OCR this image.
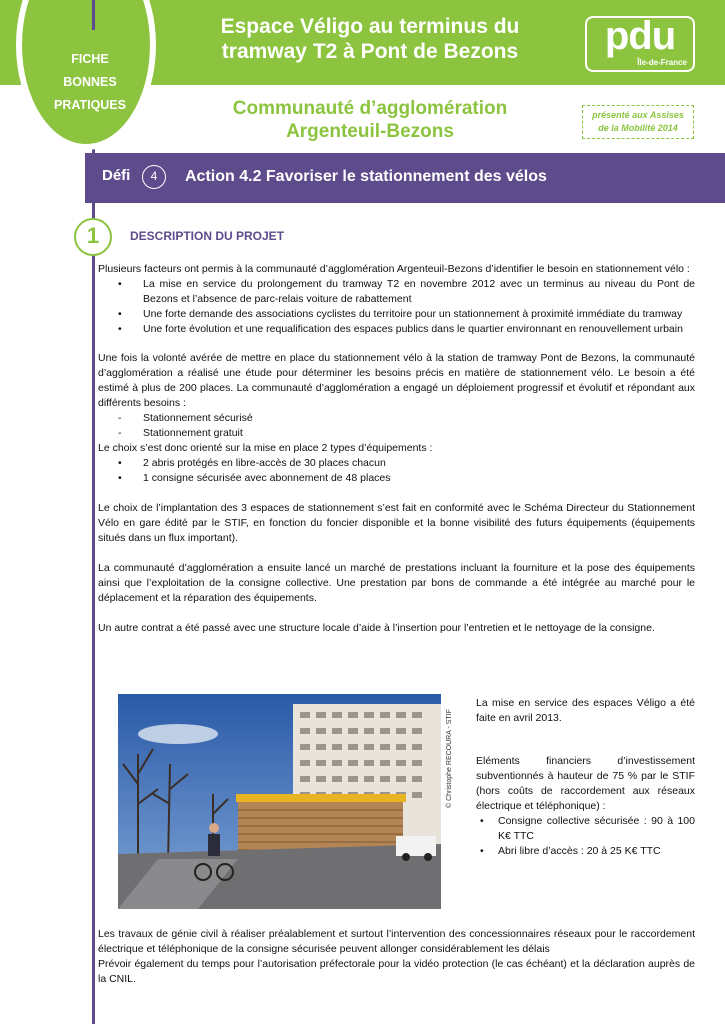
FICHE
BONNES
PRATIQUES
Espace Véligo au terminus du
tramway T2 à Pont de Bezons	pdu
Île-de-France
Communauté d’agglomération
Argenteuil-Bezons
présenté aux Assises
de la Mobilité 2014
Défi	4	Action 4.2 Favoriser le stationnement des vélos
1	DESCRIPTION DU PROJET
Plusieurs facteurs ont permis à la communauté d’agglomération Argenteuil-Bezons d’identifier le besoin en stationnement vélo :
• La mise en service du prolongement du tramway T2 en novembre 2012 avec un terminus au niveau du Pont de Bezons et l’absence de parc-relais voiture de rabattement
• Une forte demande des associations cyclistes du territoire pour un stationnement à proximité immédiate du tramway
• Une forte évolution et une requalification des espaces publics dans le quartier environnant en renouvellement urbain
Une fois la volonté avérée de mettre en place du stationnement vélo à la station de tramway Pont de Bezons, la communauté d’agglomération a réalisé une étude pour déterminer les besoins précis en matière de stationnement vélo. Le besoin a été estimé à plus de 200 places. La communauté d’agglomération a engagé un déploiement progressif et évolutif et répondant aux différents besoins :
- Stationnement sécurisé
- Stationnement gratuit
Le choix s’est donc orienté sur la mise en place 2 types d’équipements :
• 2 abris protégés en libre-accès de 30 places chacun
• 1 consigne sécurisée avec abonnement de 48 places
Le choix de l’implantation des 3 espaces de stationnement s’est fait en conformité avec le Schéma Directeur du Stationnement Vélo en gare édité par le STIF, en fonction du foncier disponible et la bonne visibilité des futurs équipements (équipements situés dans un flux important).
La communauté d’agglomération a ensuite lancé un marché de prestations incluant la fourniture et la pose des équipements ainsi que l’exploitation de la consigne collective. Une prestation par bons de commande a été intégrée au marché pour le déplacement et la réparation des équipements.
Un autre contrat a été passé avec une structure locale d’aide à l’insertion pour l’entretien et le nettoyage de la consigne.
© Christophe RECOURA - STIF
La mise en service des espaces Véligo a été faite en avril 2013.
Eléments financiers d’investissement subventionnés à hauteur de 75 % par le STIF (hors coûts de raccordement aux réseaux électrique et téléphonique) :
• Consigne collective sécurisée : 90 à 100 K€ TTC
• Abri libre d’accès : 20 à 25 K€ TTC
Les travaux de génie civil à réaliser préalablement et surtout l’intervention des concessionnaires réseaux pour le raccordement électrique et téléphonique de la consigne sécurisée peuvent allonger considérablement les délais
Prévoir également du temps pour l’autorisation préfectorale pour la vidéo protection (le cas échéant) et la déclaration auprès de la CNIL.
